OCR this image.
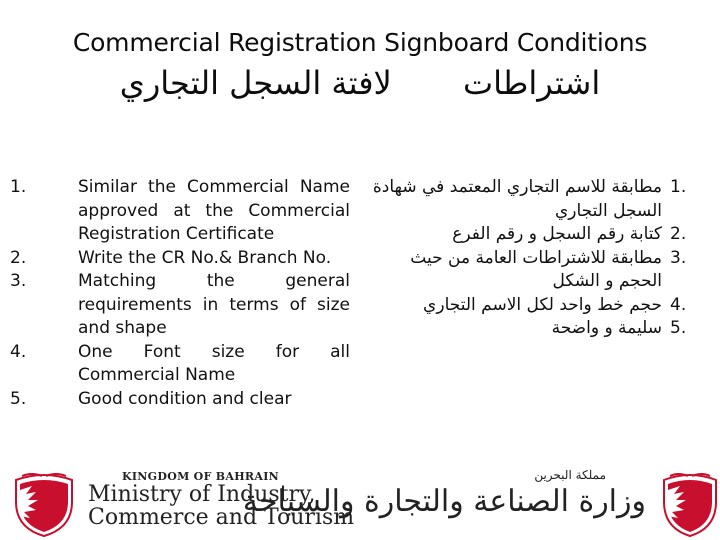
Commercial Registration Signboard Conditions
اشتراطات       لافتة السجل التجاري
1.	Similar the Commercial Name approved at the Commercial Registration Certificate
2.	Write the CR No.& Branch No.
3.	Matching the general requirements in terms of size and shape
4.	One Font size for all Commercial Name
5.	Good condition and clear
1.
مطابقة للاسم التجاري المعتمد في شهادة السجل التجاري
2.
كتابة رقم السجل و رقم الفرع
3.
مطابقة للاشتراطات العامة من حيث الحجم و الشكل
4.
حجم خط واحد لكل الاسم التجاري
5.
سليمة و واضحة
KINGDOM OF BAHRAIN
Ministry of Industry,
Commerce and Tourism
مملكة البحرين
وزارة الصناعة والتجارة والسياحة
